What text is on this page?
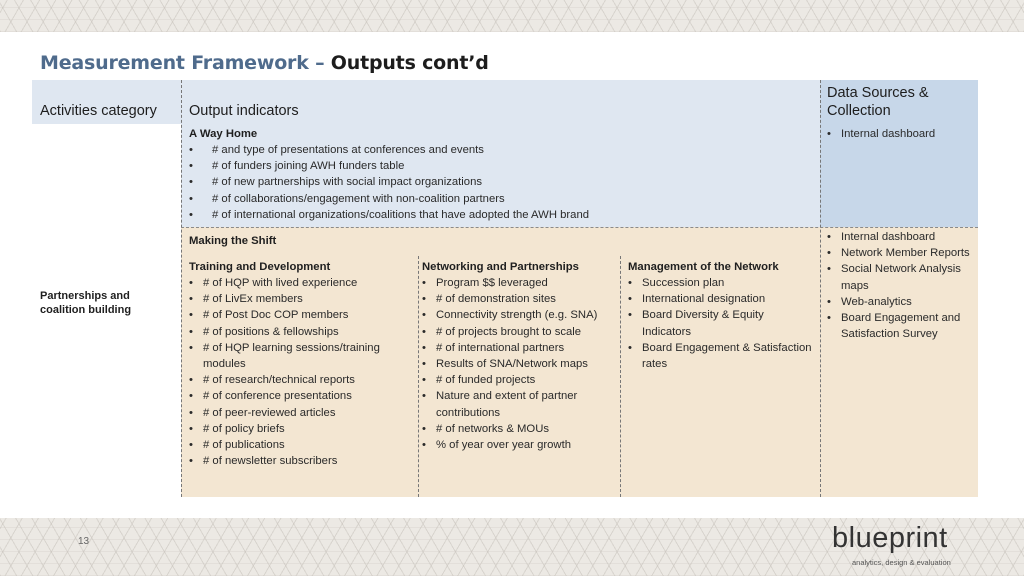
Measurement Framework – Outputs cont’d
Activities category Output indicators
Data Sources &
Collection
Partnerships and
coalition building
A Way Home
• # and type of presentations at conferences and events
• # of funders joining AWH funders table
• # of new partnerships with social impact organizations
• # of collaborations/engagement with non-coalition partners
• # of international organizations/coalitions that have adopted the AWH brand
• Internal dashboard
Making the Shift
Training and Development
• # of HQP with lived experience
• # of LivEx members
• # of Post Doc COP members
• # of positions & fellowships
• # of HQP learning sessions/training modules
• # of research/technical reports
• # of conference presentations
• # of peer-reviewed articles
• # of policy briefs
• # of publications
• # of newsletter subscribers
Networking and Partnerships
• Program $$ leveraged
• # of demonstration sites
• Connectivity strength (e.g. SNA)
• # of projects brought to scale
• # of international partners
• Results of SNA/Network maps
• # of funded projects
• Nature and extent of partner contributions
• # of networks & MOUs
• % of year over year growth
Management of the Network
• Succession plan
• International designation
• Board Diversity & Equity Indicators
• Board Engagement & Satisfaction rates
• Internal dashboard
• Network Member Reports
• Social Network Analysis maps
• Web-analytics
• Board Engagement and Satisfaction Survey
13	blueprint
analytics, design & evaluation
